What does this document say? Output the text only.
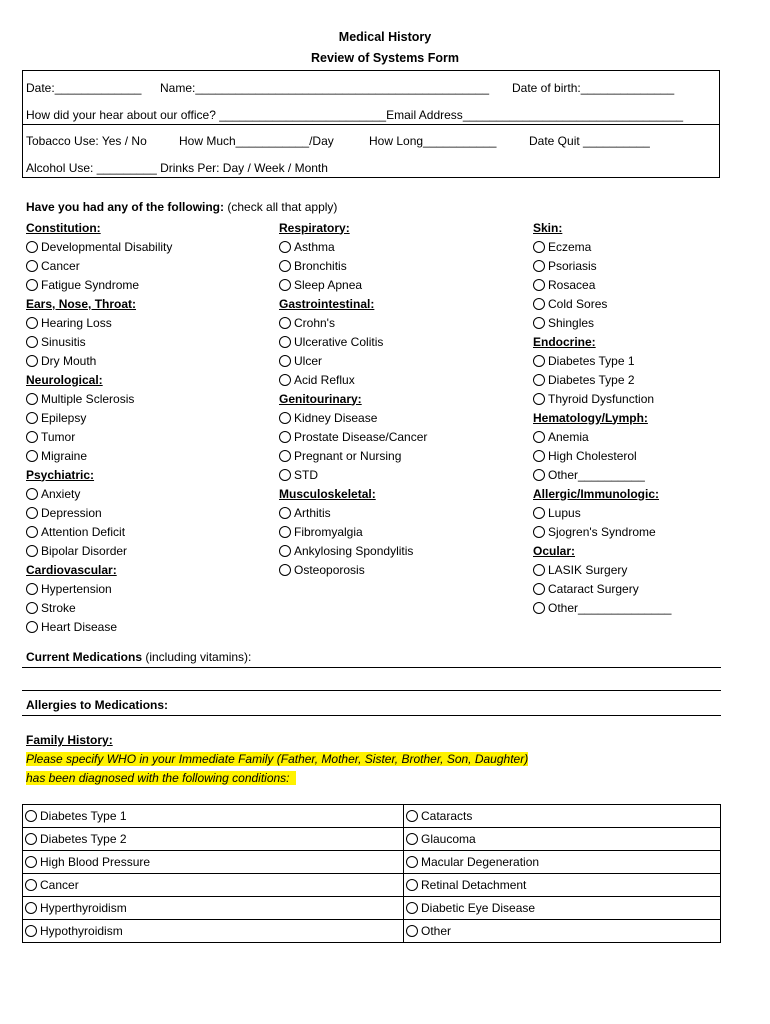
Medical History
Review of Systems Form
Date:_____________ Name:____________________________________________ Date of birth:______________
How did your hear about our office? _________________________Email Address_________________________________
Tobacco Use: Yes / No	How Much___________/Day	How Long___________	Date Quit __________
Alcohol Use: _________ Drinks Per: Day / Week / Month
Have you had any of the following: (check all that apply)
Constitution:
Developmental Disability
Cancer
Fatigue Syndrome
Ears, Nose, Throat:
Hearing Loss
Sinusitis
Dry Mouth
Neurological:
Multiple Sclerosis
Epilepsy
Tumor
Migraine
Psychiatric:
Anxiety
Depression
Attention Deficit
Bipolar Disorder
Cardiovascular:
Hypertension
Stroke
Heart Disease
Respiratory:
Asthma
Bronchitis
Sleep Apnea
Gastrointestinal:
Crohn's
Ulcerative Colitis
Ulcer
Acid Reflux
Genitourinary:
Kidney Disease
Prostate Disease/Cancer
Pregnant or Nursing
STD
Musculoskeletal:
Arthitis
Fibromyalgia
Ankylosing Spondylitis
Osteoporosis
Skin:
Eczema
Psoriasis
Rosacea
Cold Sores
Shingles
Endocrine:
Diabetes Type 1
Diabetes Type 2
Thyroid Dysfunction
Hematology/Lymph:
Anemia
High Cholesterol
Other__________
Allergic/Immunologic:
Lupus
Sjogren's Syndrome
Ocular:
LASIK Surgery
Cataract Surgery
Other______________
Current Medications (including vitamins):
Allergies to Medications:
Family History:
Please specify WHO in your Immediate Family (Father, Mother, Sister, Brother, Son, Daughter)
has been diagnosed with the following conditions:
Diabetes Type 1	Cataracts

Diabetes Type 2	Glaucoma

High Blood Pressure	Macular Degeneration

Cancer	Retinal Detachment

Hyperthyroidism	Diabetic Eye Disease

Hypothyroidism	Other
